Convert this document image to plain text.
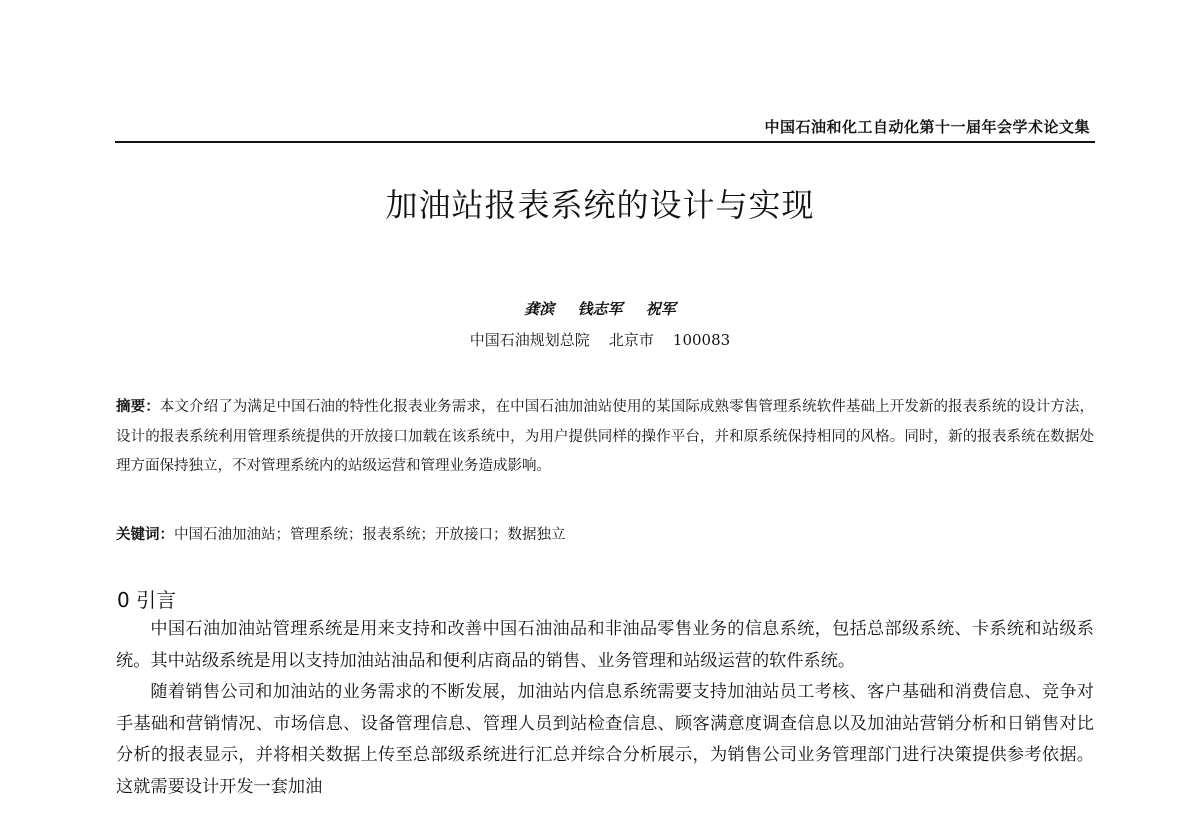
中国石油和化工自动化第十一届年会学术论文集
加油站报表系统的设计与实现
龚滨 钱志军 祝军
中国石油规划总院    北京市    100083

摘要：本文介绍了为满足中国石油的特性化报表业务需求，在中国石油加油站使用的某国际成熟零售管理系统软件基础上开发新的报表系统的设计方法，设计的报表系统利用管理系统提供的开放接口加载在该系统中，为用户提供同样的操作平台，并和原系统保持相同的风格。同时，新的报表系统在数据处理方面保持独立，不对管理系统内的站级运营和管理业务造成影响。

关键词：中国石油加油站；管理系统；报表系统；开放接口；数据独立

0 引言

中国石油加油站管理系统是用来支持和改善中国石油油品和非油品零售业务的信息系统，包括总部级系统、卡系统和站级系统。其中站级系统是用以支持加油站油品和便利店商品的销售、业务管理和站级运营的软件系统。

随着销售公司和加油站的业务需求的不断发展，加油站内信息系统需要支持加油站员工考核、客户基础和消费信息、竞争对手基础和营销情况、市场信息、设备管理信息、管理人员到站检查信息、顾客满意度调查信息以及加油站营销分析和日销售对比分析的报表显示，并将相关数据上传至总部级系统进行汇总并综合分析展示，为销售公司业务管理部门进行决策提供参考依据。这就需要设计开发一套加油
